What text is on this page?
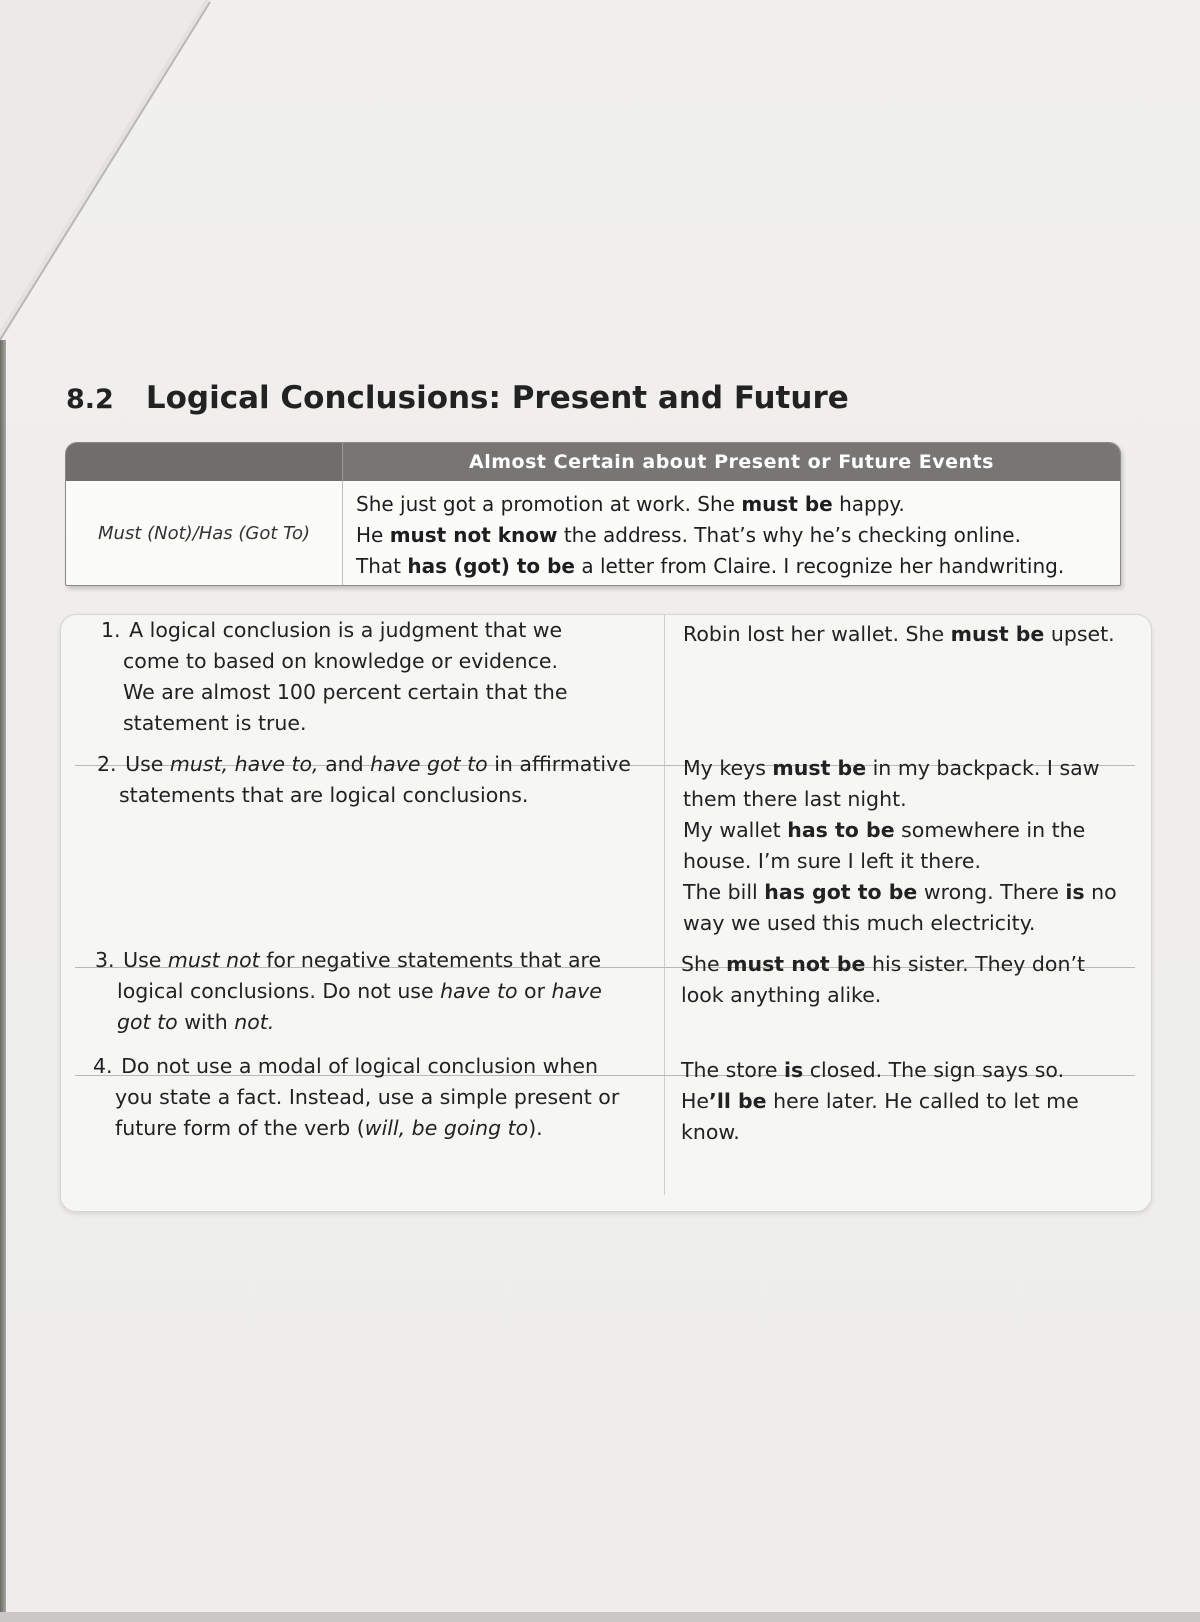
8.2 Logical Conclusions: Present and Future
Almost Certain about Present or Future Events
Must (Not)/Has (Got To)
She just got a promotion at work. She must be happy.
He must not know the address. That’s why he’s checking online.
That has (got) to be a letter from Claire. I recognize her handwriting.
1. A logical conclusion is a judgment that we
come to based on knowledge or evidence.
We are almost 100 percent certain that the
statement is true.
Robin lost her wallet. She must be upset.
2. Use must, have to, and have got to in affirmative
statements that are logical conclusions.
My keys must be in my backpack. I saw
them there last night.
My wallet has to be somewhere in the
house. I’m sure I left it there.
The bill has got to be wrong. There is no
way we used this much electricity.
3. Use must not for negative statements that are
logical conclusions. Do not use have to or have
got to with not.
She must not be his sister. They don’t
look anything alike.
4. Do not use a modal of logical conclusion when
you state a fact. Instead, use a simple present or
future form of the verb (will, be going to).
The store is closed. The sign says so.
He’ll be here later. He called to let me
know.
